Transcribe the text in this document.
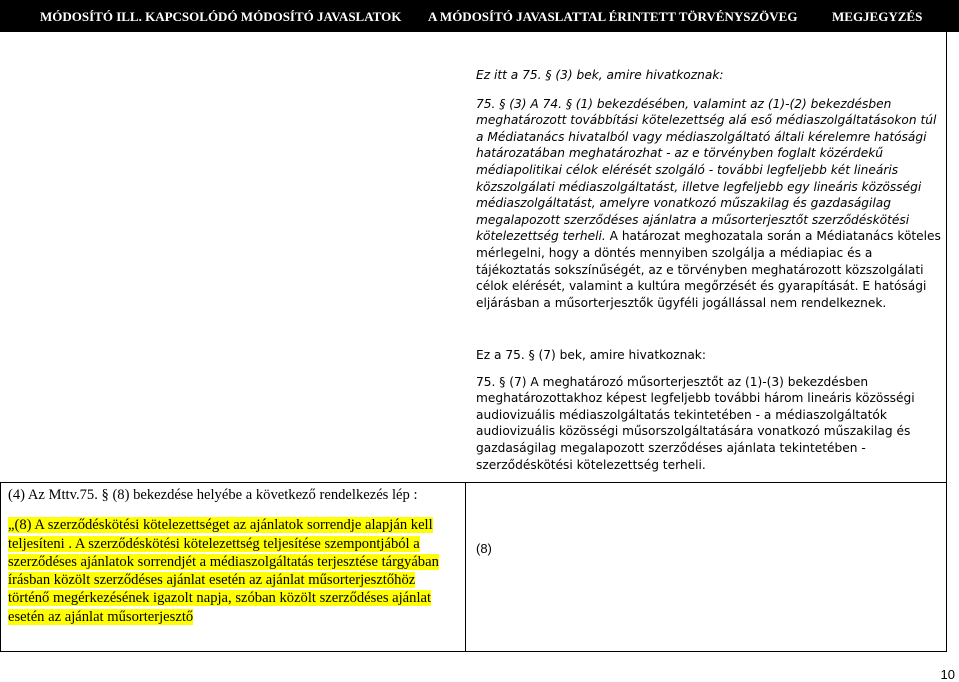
MÓDOSÍTÓ ILL. KAPCSOLÓDÓ MÓDOSÍTÓ JAVASLATOK A MÓDOSÍTÓ JAVASLATTAL ÉRINTETT TÖRVÉNYSZÖVEG	MEGJEGYZÉS

Ez itt a 75. § (3) bek, amire hivatkoznak:

75. § (3) A 74. § (1) bekezdésében, valamint az (1)-(2) bekezdésben meghatározott továbbítási kötelezettség alá eső médiaszolgáltatásokon túl a Médiatanács hivatalból vagy médiaszolgáltató általi kérelemre hatósági határozatában meghatározhat - az e törvényben foglalt közérdekű médiapolitikai célok elérését szolgáló - további legfeljebb két lineáris közszolgálati médiaszolgáltatást, illetve legfeljebb egy lineáris közösségi médiaszolgáltatást, amelyre vonatkozó műszakilag és gazdaságilag megalapozott szerződéses ajánlatra a műsorterjesztőt szerződéskötési kötelezettség terheli. A határozat meghozatala során a Médiatanács köteles mérlegelni, hogy a döntés mennyiben szolgálja a médiapiac és a tájékoztatás sokszínűségét, az e törvényben meghatározott közszolgálati célok elérését, valamint a kultúra megőrzését és gyarapítását. E hatósági eljárásban a műsorterjesztők ügyféli jogállással nem rendelkeznek.

Ez a 75. § (7) bek, amire hivatkoznak:

75. § (7) A meghatározó műsorterjesztőt az (1)-(3) bekezdésben meghatározottakhoz képest legfeljebb további három lineáris közösségi audiovizuális médiaszolgáltatás tekintetében - a médiaszolgáltatók audiovizuális közösségi műsorszolgáltatására vonatkozó műszakilag és gazdaságilag megalapozott szerződéses ajánlata tekintetében - szerződéskötési kötelezettség terheli.

(4) Az Mttv.75. § (8) bekezdése helyébe a következő rendelkezés lép :

„(8) A szerződéskötési kötelezettséget az ajánlatok sorrendje alapján kell teljesíteni . A szerződéskötési kötelezettség teljesítése szempontjából a szerződéses ajánlatok sorrendjét a médiaszolgáltatás terjesztése tárgyában írásban közölt szerződéses ajánlat esetén az ajánlat műsorterjesztőhöz történő megérkezésének igazolt napja, szóban közölt szerződéses ajánlat esetén az ajánlat műsorterjesztő

(8)
10
